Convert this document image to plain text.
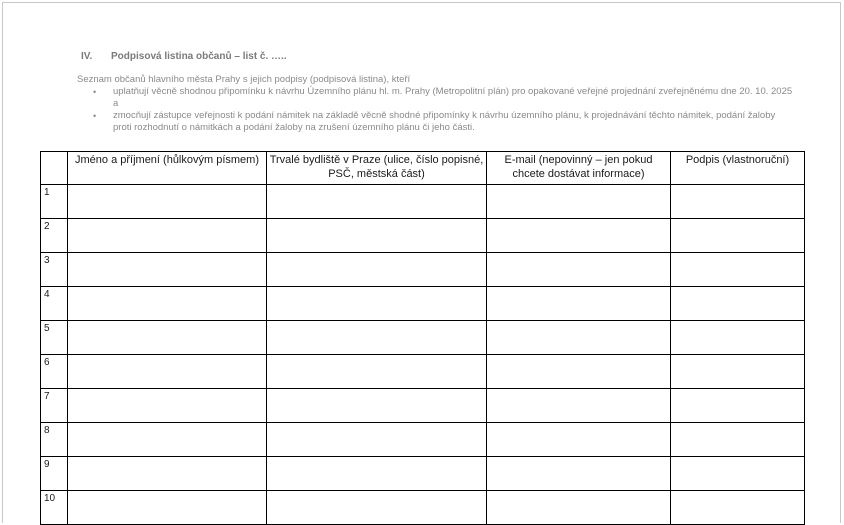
IV. Podpisová listina občanů – list č. …..
Seznam občanů hlavního města Prahy s jejich podpisy (podpisová listina), kteří
• uplatňují věcně shodnou připomínku k návrhu Územního plánu hl. m. Prahy (Metropolitní plán) pro opakované veřejné projednání zveřejněnému dne 20. 10. 2025 a
• zmocňují zástupce veřejnosti k podání námitek na základě věcně shodné připomínky k návrhu územního plánu, k projednávání těchto námitek, podání žaloby proti rozhodnutí o námitkách a podání žaloby na zrušení územního plánu či jeho části.
	Jméno a příjmení (hůlkovým písmem)	Trvalé bydliště v Praze (ulice, číslo popisné, PSČ, městská část)	E-mail (nepovinný – jen pokud chcete dostávat informace)	Podpis (vlastnoruční)
1				
2				
3				
4				
5				
6				
7				
8				
9				
10				
